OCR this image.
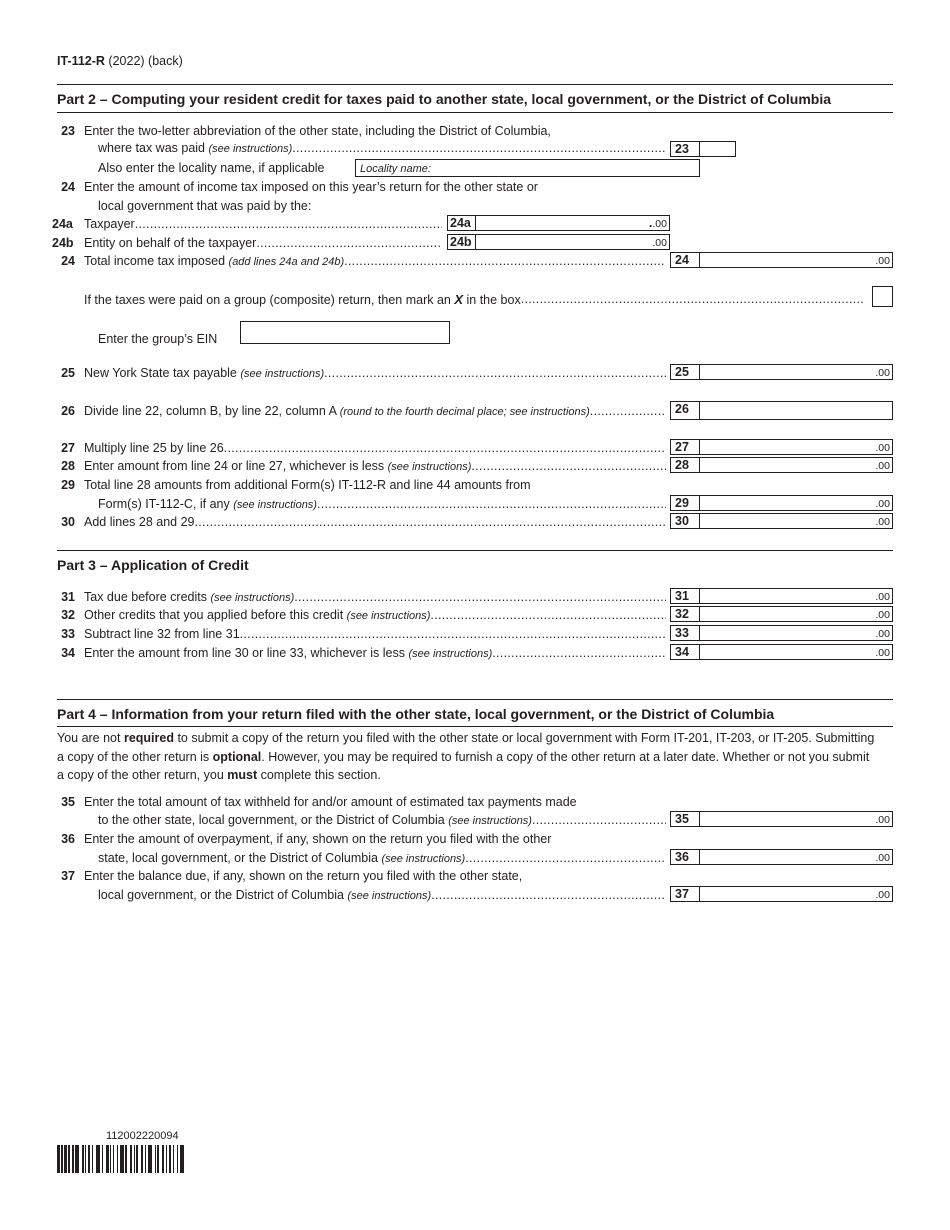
IT-112-R (2022) (back)
Part 2 – Computing your resident credit for taxes paid to another state, local government, or the District of Columbia
23 Enter the two-letter abbreviation of the other state, including the District of Columbia,
where tax was paid (see instructions) .....	23
Also enter the locality name, if applicable	Locality name:
24 Enter the amount of income tax imposed on this year’s return for the other state or
local government that was paid by the:
24a Taxpayer .....	24a	..00
24b Entity on behalf of the taxpayer .....	24b	.00
24 Total income tax imposed (add lines 24a and 24b) .....	24	.00
If the taxes were paid on a group (composite) return, then mark an X in the box
.....
Enter the group’s EIN
25 New York State tax payable (see instructions) .....	25	.00
26 Divide line 22, column B, by line 22, column A (round to the fourth decimal place; see instructions) .....	26
27 Multiply line 25 by line 26 .....	27	.00
28 Enter amount from line 24 or line 27, whichever is less (see instructions) .....	28	.00
29 Total line 28 amounts from additional Form(s) IT-112-R and line 44 amounts from
Form(s) IT-112-C, if any (see instructions) .....	29	.00
30 Add lines 28 and 29 .....	30	.00
Part 3 – Application of Credit
31 Tax due before credits (see instructions) .....	31	.00
32 Other credits that you applied before this credit (see instructions) .....	32	.00
33 Subtract line 32 from line 31 .....	33	.00
34 Enter the amount from line 30 or line 33, whichever is less (see instructions) .....	34	.00
Part 4 – Information from your return filed with the other state, local government, or the District of Columbia

You are not required to submit a copy of the return you filed with the other state or local government with Form IT-201, IT-203, or IT-205. Submitting a copy of the other return is optional. However, you may be required to furnish a copy of the other return at a later date. Whether or not you submit a copy of the other return, you must complete this section.

35 Enter the total amount of tax withheld for and/or amount of estimated tax payments made
to the other state, local government, or the District of Columbia (see instructions) .....	35	.00
36 Enter the amount of overpayment, if any, shown on the return you filed with the other
state, local government, or the District of Columbia (see instructions) .....	36	.00
37 Enter the balance due, if any, shown on the return you filed with the other state,
local government, or the District of Columbia (see instructions) .....	37	.00
112002220094
